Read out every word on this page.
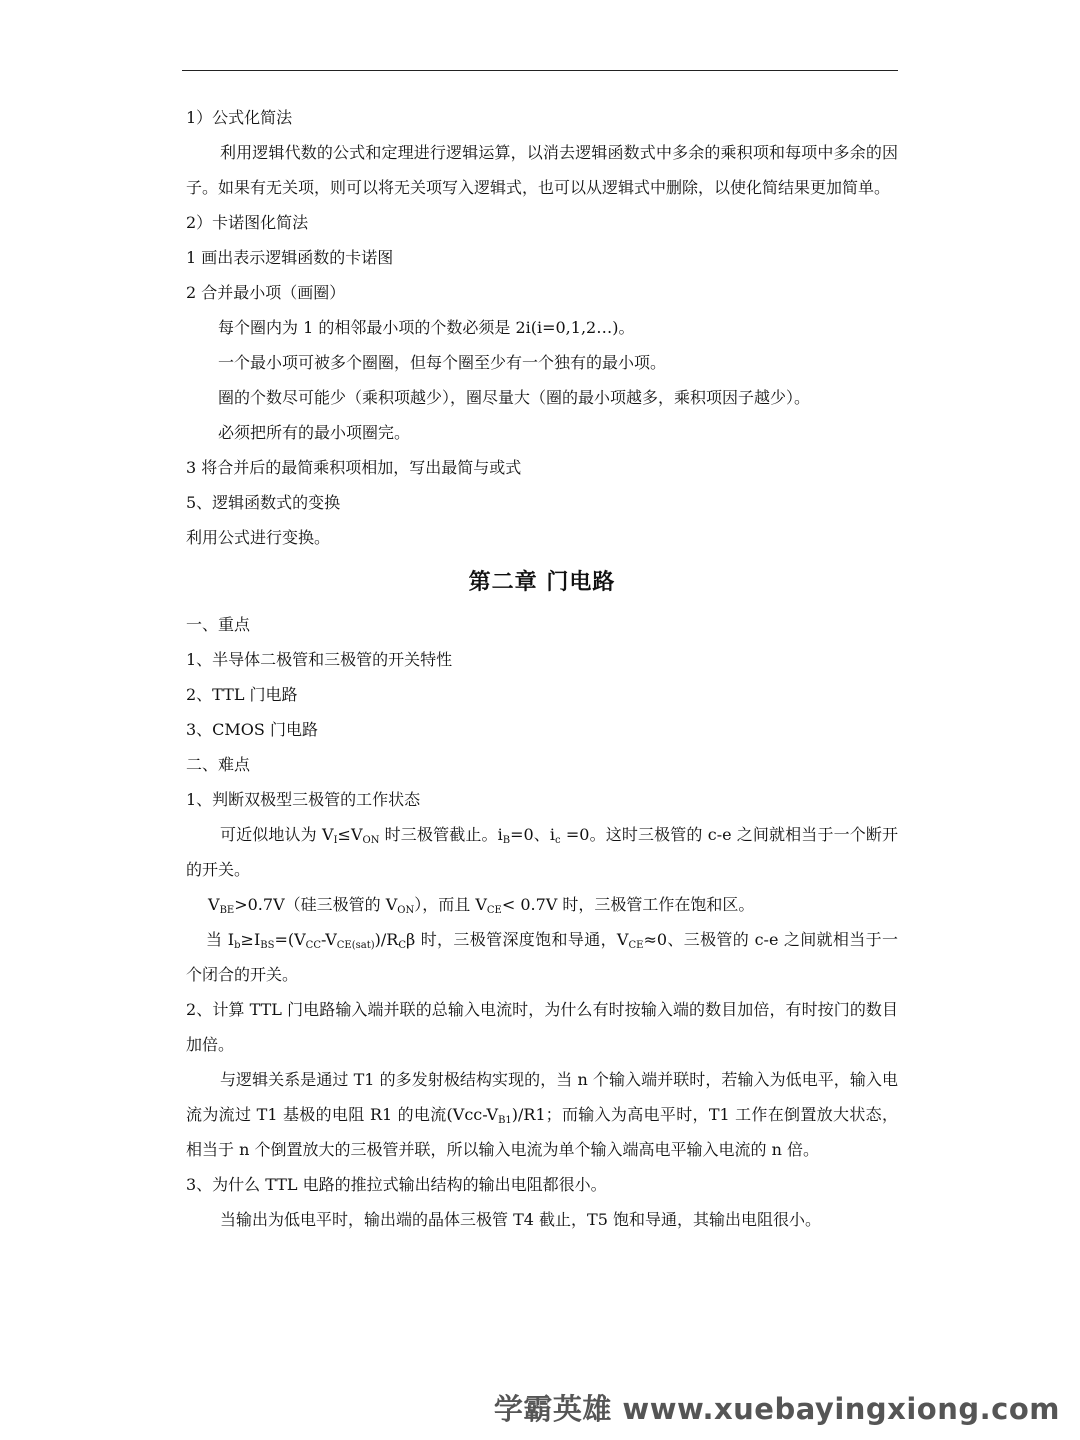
1）公式化简法
利用逻辑代数的公式和定理进行逻辑运算，以消去逻辑函数式中多余的乘积项和每项中多余的因子。如果有无关项，则可以将无关项写入逻辑式，也可以从逻辑式中删除，以使化简结果更加简单。
2）卡诺图化简法
1 画出表示逻辑函数的卡诺图
2 合并最小项（画圈）
每个圈内为 1 的相邻最小项的个数必须是 2i(i=0,1,2…)。
一个最小项可被多个圈圈，但每个圈至少有一个独有的最小项。
圈的个数尽可能少（乘积项越少），圈尽量大（圈的最小项越多，乘积项因子越少）。
必须把所有的最小项圈完。
3 将合并后的最简乘积项相加，写出最简与或式
5、逻辑函数式的变换
利用公式进行变换。
第二章 门电路
一、重点
1、半导体二极管和三极管的开关特性
2、TTL 门电路
3、CMOS 门电路
二、难点
1、判断双极型三极管的工作状态
可近似地认为 $V_I\le V_{ON}$ 时三极管截止。$i_B=0$、$i_c =0$。这时三极管的 c-e 之间就相当于一个断开的开关。
$V_{BE}>0.7V$（硅三极管的 $V_{ON}$），而且 $V_{CE}< 0.7V$ 时，三极管工作在饱和区。
当 $I_b\ge I_{BS}=(V_{CC}-V_{CE(sat)})/R_C\beta$ 时，三极管深度饱和导通，$V_{CE}\approx 0$、三极管的 c-e 之间就相当于一个闭合的开关。
2、计算 TTL 门电路输入端并联的总输入电流时，为什么有时按输入端的数目加倍，有时按门的数目加倍。
与逻辑关系是通过 T1 的多发射极结构实现的，当 n 个输入端并联时，若输入为低电平，输入电流为流过 T1 基极的电阻 R1 的电流$(Vcc-V_{B1})/R1$；而输入为高电平时，T1 工作在倒置放大状态，相当于 n 个倒置放大的三极管并联，所以输入电流为单个输入端高电平输入电流的 n 倍。
3、为什么 TTL 电路的推拉式输出结构的输出电阻都很小。
当输出为低电平时，输出端的晶体三极管 T4 截止，T5 饱和导通，其输出电阻很小。
学霸英雄 www.xuebayingxiong.com
